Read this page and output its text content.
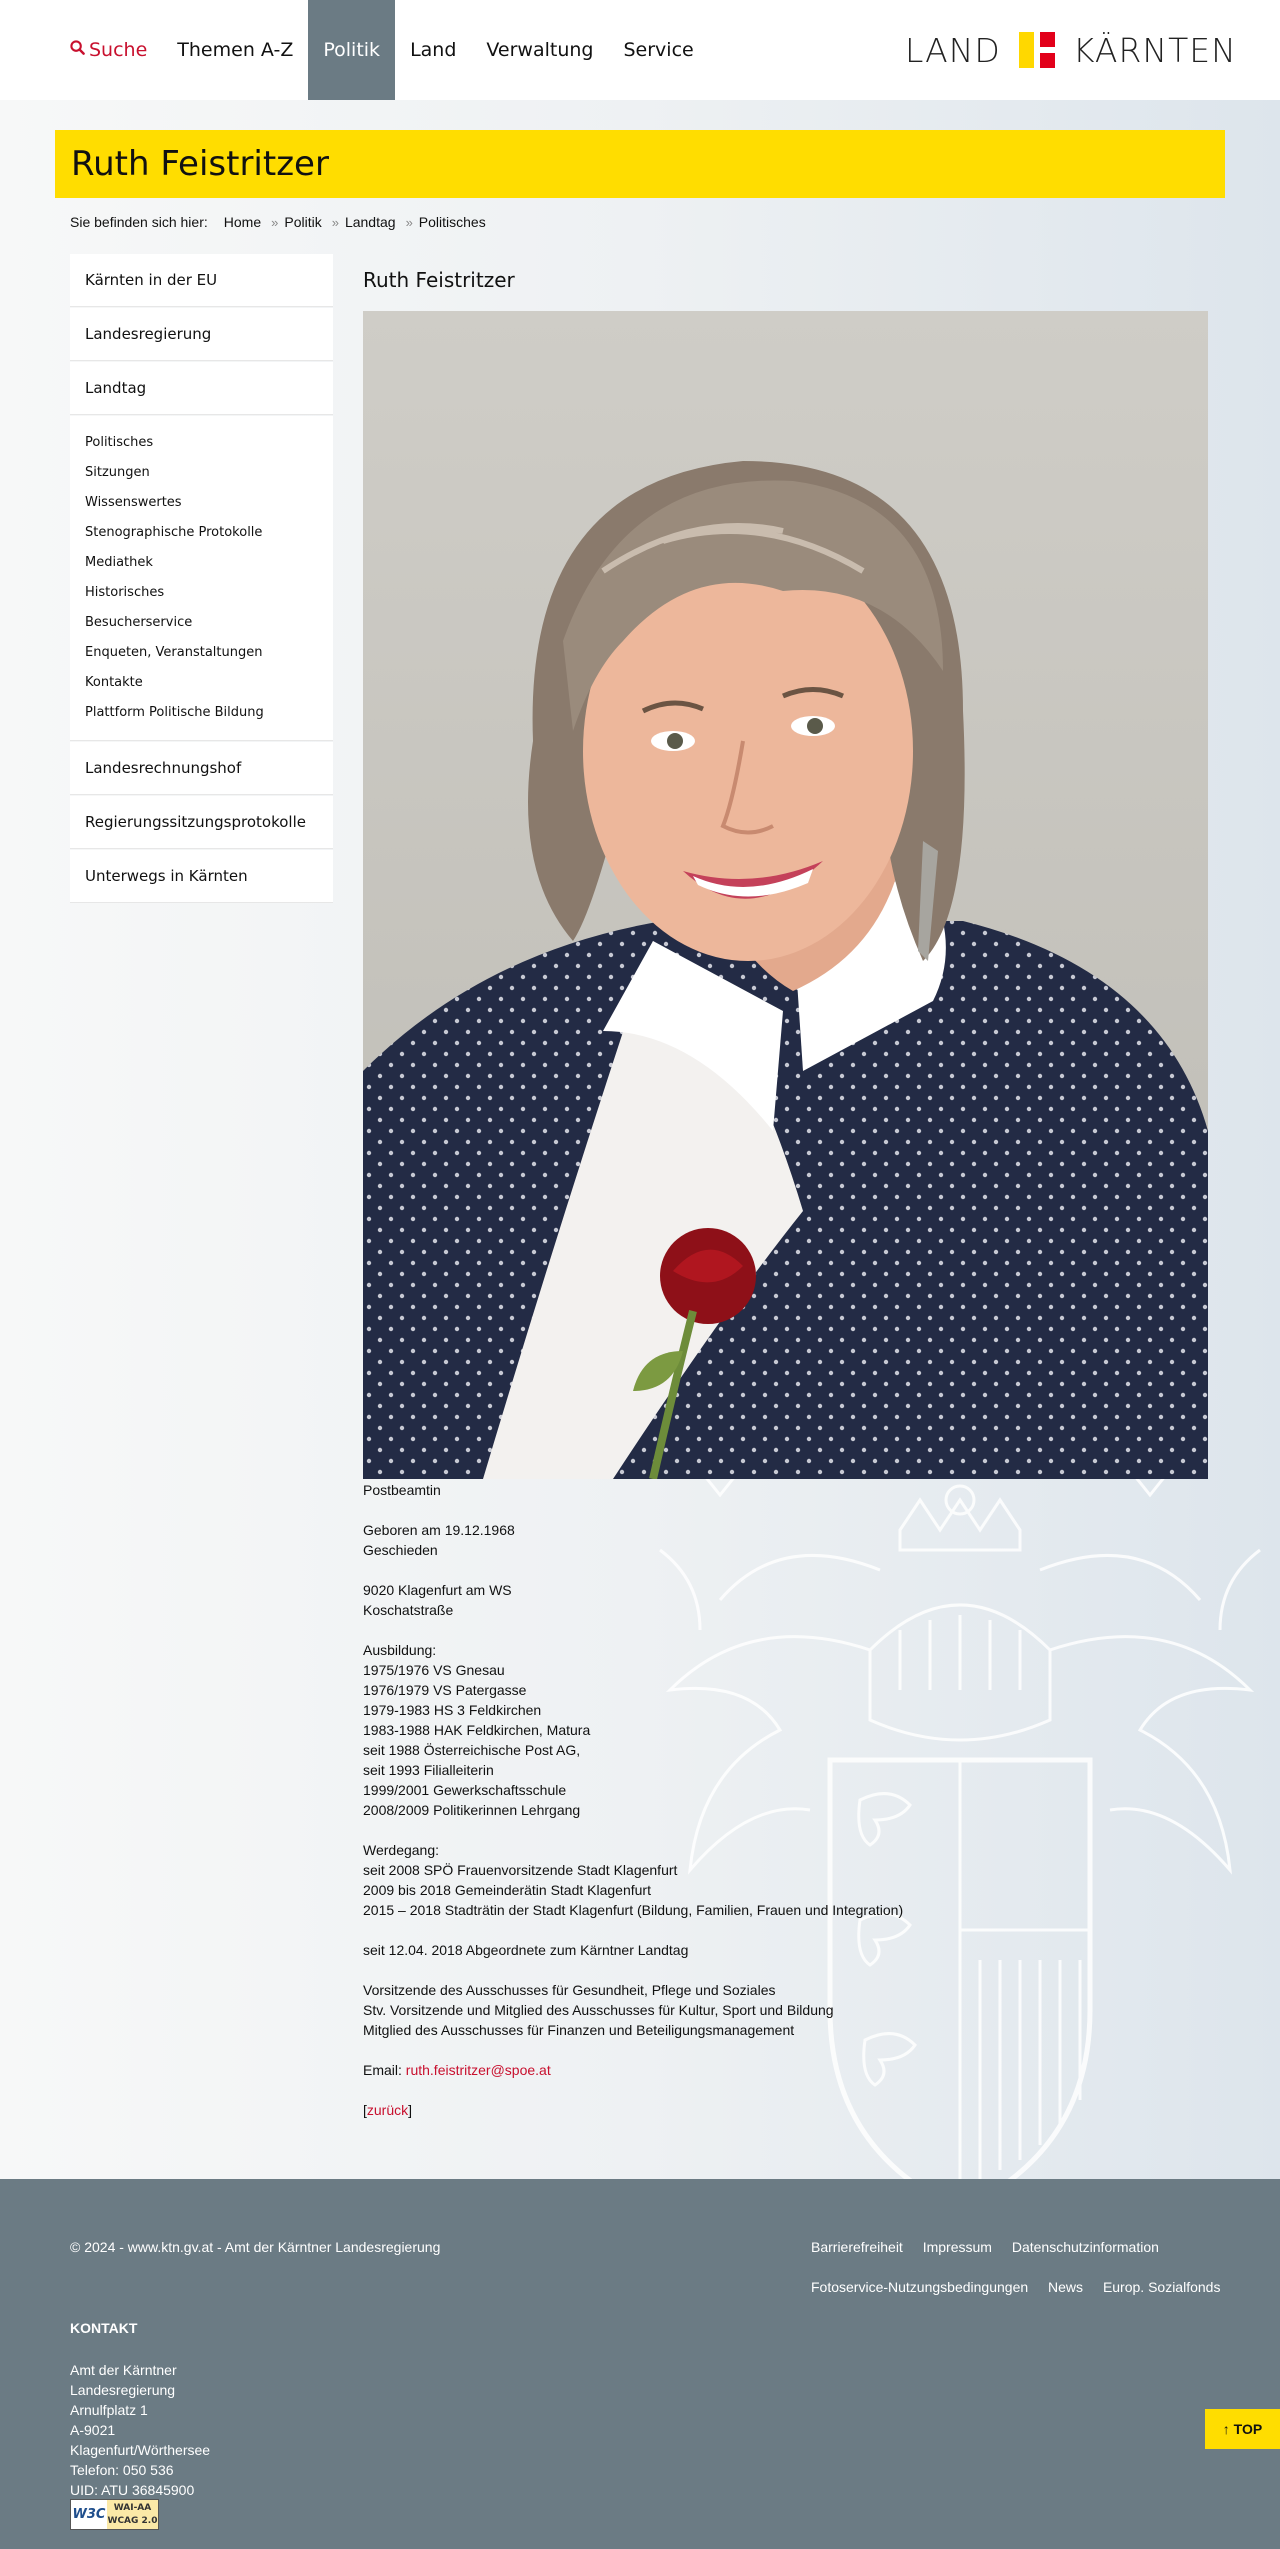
Suche	Themen A-Z	Politik	Land	Verwaltung	Service	LAND KÄRNTEN
Ruth Feistritzer
Sie befinden sich hier: Home » Politik » Landtag » Politisches
Kärnten in der EU
Landesregierung
Landtag
Politisches
Sitzungen
Wissenswertes
Stenographische Protokolle
Mediathek
Historisches
Besucherservice
Enqueten, Veranstaltungen
Kontakte
Plattform Politische Bildung
Landesrechnungshof
Regierungssitzungsprotokolle
Unterwegs in Kärnten
Ruth Feistritzer

Postbeamtin

Geboren am 19.12.1968
Geschieden

9020 Klagenfurt am WS
Koschatstraße

Ausbildung:
1975/1976 VS Gnesau
1976/1979 VS Patergasse
1979-1983 HS 3 Feldkirchen
1983-1988 HAK Feldkirchen, Matura
seit 1988 Österreichische Post AG,
seit 1993 Filialleiterin
1999/2001 Gewerkschaftsschule
2008/2009 Politikerinnen Lehrgang

Werdegang:
seit 2008 SPÖ Frauenvorsitzende Stadt Klagenfurt
2009 bis 2018 Gemeinderätin Stadt Klagenfurt
2015 – 2018 Stadträtin der Stadt Klagenfurt (Bildung, Familien, Frauen und Integration)

seit 12.04. 2018 Abgeordnete zum Kärntner Landtag

Vorsitzende des Ausschusses für Gesundheit, Pflege und Soziales
Stv. Vorsitzende und Mitglied des Ausschusses für Kultur, Sport und Bildung
Mitglied des Ausschusses für Finanzen und Beteiligungsmanagement

Email: ruth.feistritzer@spoe.at

[zurück]

© 2024 - www.ktn.gv.at - Amt der Kärntner Landesregierung	Barrierefreiheit Impressum Datenschutzinformation
Fotoservice-Nutzungsbedingungen News Europ. Sozialfonds
KONTAKT
Amt der Kärntner
Landesregierung
Arnulfplatz 1
A-9021
Klagenfurt/Wörthersee
Telefon: 050 536
UID: ATU 36845900
W3C WAI-AA
WCAG 2.0
↑ TOP
